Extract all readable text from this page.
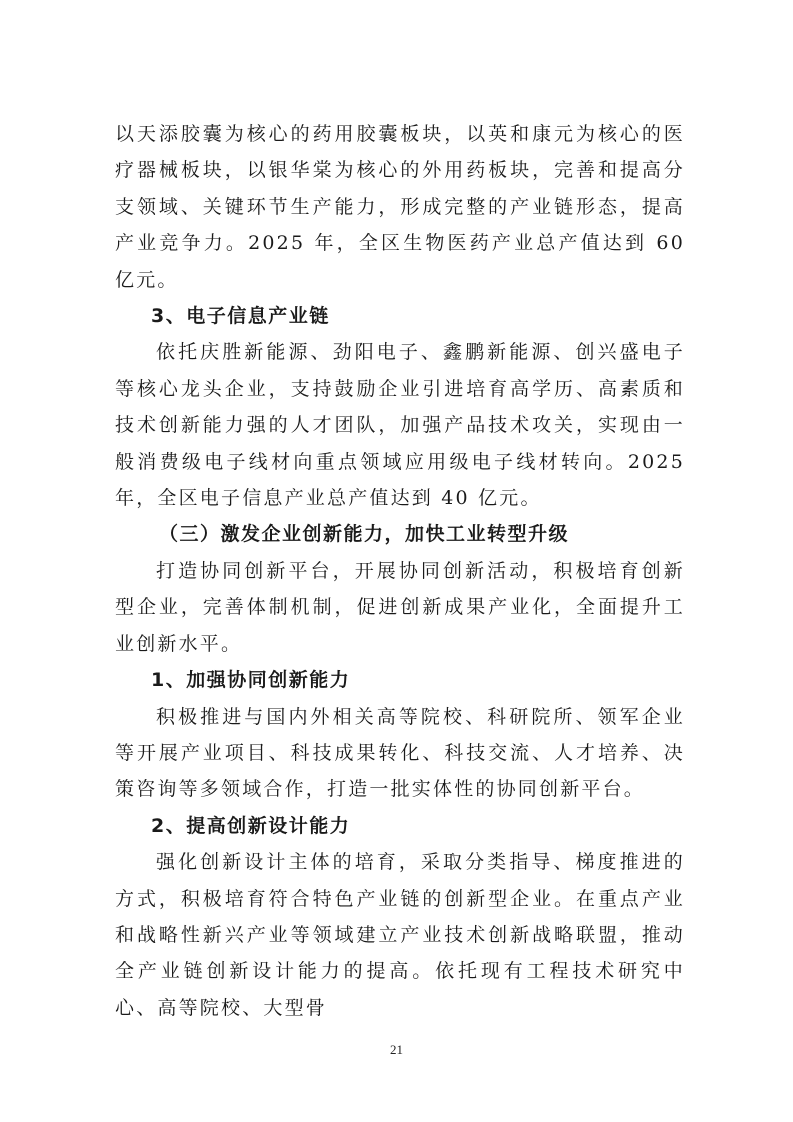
以天添胶囊为核心的药用胶囊板块，以英和康元为核心的医疗器械板块，以银华棠为核心的外用药板块，完善和提高分支领域、关键环节生产能力，形成完整的产业链形态，提高产业竞争力。2025 年，全区生物医药产业总产值达到 60 亿元。

3、电子信息产业链

依托庆胜新能源、劲阳电子、鑫鹏新能源、创兴盛电子等核心龙头企业，支持鼓励企业引进培育高学历、高素质和技术创新能力强的人才团队，加强产品技术攻关，实现由一般消费级电子线材向重点领域应用级电子线材转向。2025 年，全区电子信息产业总产值达到 40 亿元。

（三）激发企业创新能力，加快工业转型升级

打造协同创新平台，开展协同创新活动，积极培育创新型企业，完善体制机制，促进创新成果产业化，全面提升工业创新水平。

1、加强协同创新能力

积极推进与国内外相关高等院校、科研院所、领军企业等开展产业项目、科技成果转化、科技交流、人才培养、决策咨询等多领域合作，打造一批实体性的协同创新平台。

2、提高创新设计能力

强化创新设计主体的培育，采取分类指导、梯度推进的方式，积极培育符合特色产业链的创新型企业。在重点产业和战略性新兴产业等领域建立产业技术创新战略联盟，推动全产业链创新设计能力的提高。依托现有工程技术研究中心、高等院校、大型骨

21
